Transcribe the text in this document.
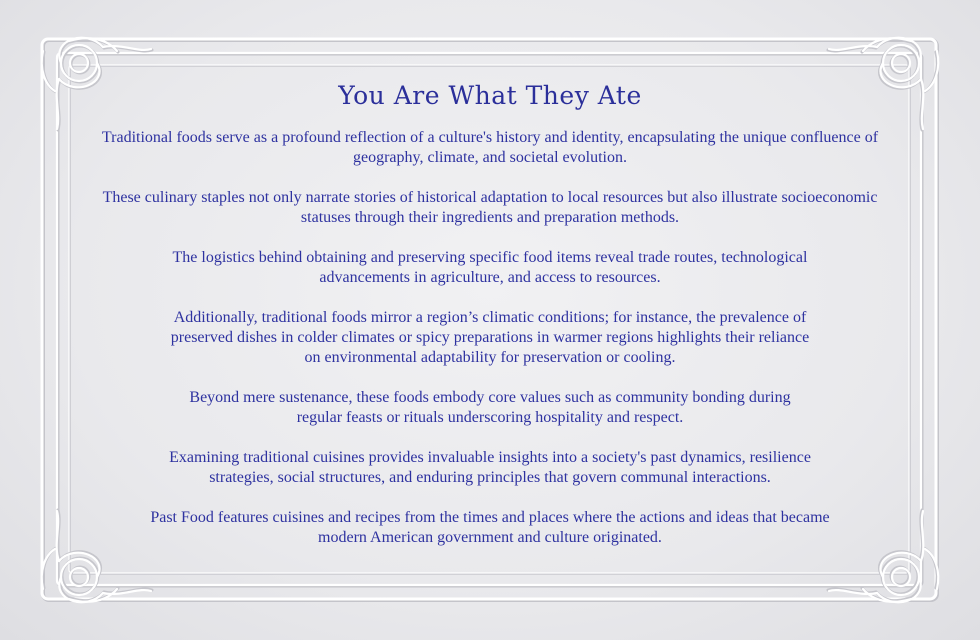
You Are What They Ate

Traditional foods serve as a profound reflection of a culture's history and identity, encapsulating the unique confluence of geography, climate, and societal evolution.

These culinary staples not only narrate stories of historical adaptation to local resources but also illustrate socioeconomic statuses through their ingredients and preparation methods.

The logistics behind obtaining and preserving specific food items reveal trade routes, technological advancements in agriculture, and access to resources.

Additionally, traditional foods mirror a region’s climatic conditions; for instance, the prevalence of preserved dishes in colder climates or spicy preparations in warmer regions highlights their reliance on environmental adaptability for preservation or cooling.

Beyond mere sustenance, these foods embody core values such as community bonding during regular feasts or rituals underscoring hospitality and respect.

Examining traditional cuisines provides invaluable insights into a society's past dynamics, resilience strategies, social structures, and enduring principles that govern communal interactions.

Past Food features cuisines and recipes from the times and places where the actions and ideas that became modern American government and culture originated.
